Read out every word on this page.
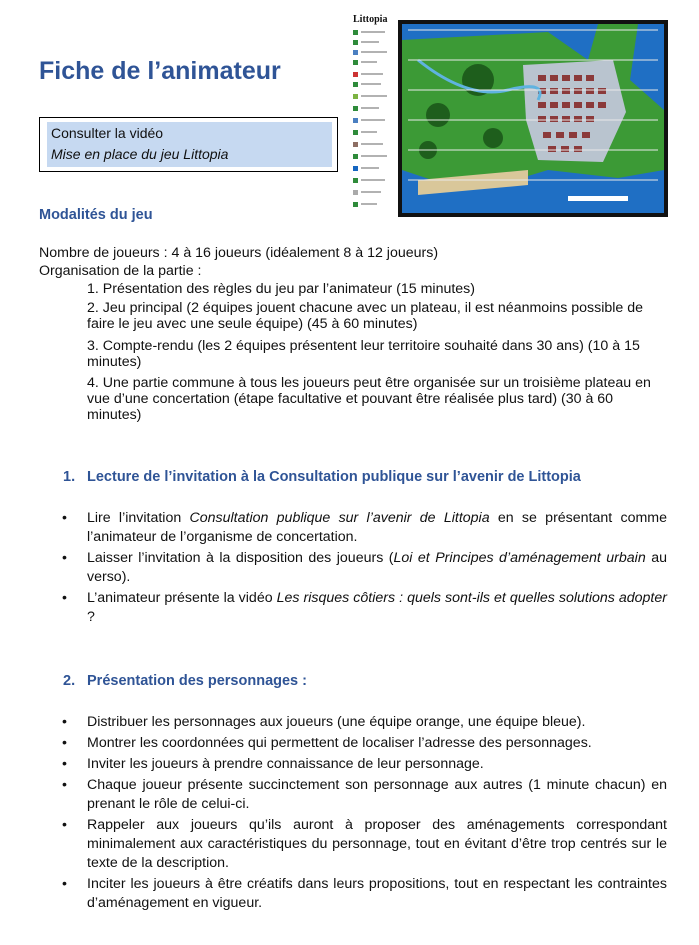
Fiche de l’animateur
Consulter la vidéo
Mise en place du jeu Littopia
Littopia
Modalités du jeu
Nombre de joueurs : 4 à 16 joueurs (idéalement 8 à 12 joueurs)
Organisation de la partie :
1. Présentation des règles du jeu par l’animateur (15 minutes)
2. Jeu principal (2 équipes jouent chacune avec un plateau, il est néanmoins possible de faire le jeu avec une seule équipe) (45 à 60 minutes)
3. Compte-rendu (les 2 équipes présentent leur territoire souhaité dans 30 ans) (10 à 15 minutes)
4. Une partie commune à tous les joueurs peut être organisée sur un troisième plateau en vue d’une concertation (étape facultative et pouvant être réalisée plus tard) (30 à 60 minutes)
1. Lecture de l’invitation à la Consultation publique sur l’avenir de Littopia
• Lire l’invitation Consultation publique sur l’avenir de Littopia en se présentant comme l’animateur de l’organisme de concertation.
• Laisser l’invitation à la disposition des joueurs (Loi et Principes d’aménagement urbain au verso).
• L’animateur présente la vidéo Les risques côtiers : quels sont-ils et quelles solutions adopter ?
2. Présentation des personnages :
• Distribuer les personnages aux joueurs (une équipe orange, une équipe bleue).
• Montrer les coordonnées qui permettent de localiser l’adresse des personnages.
• Inviter les joueurs à prendre connaissance de leur personnage.
• Chaque joueur présente succinctement son personnage aux autres (1 minute chacun) en prenant le rôle de celui-ci.
• Rappeler aux joueurs qu’ils auront à proposer des aménagements correspondant minimalement aux caractéristiques du personnage, tout en évitant d’être trop centrés sur le texte de la description.
• Inciter les joueurs à être créatifs dans leurs propositions, tout en respectant les contraintes d’aménagement en vigueur.
